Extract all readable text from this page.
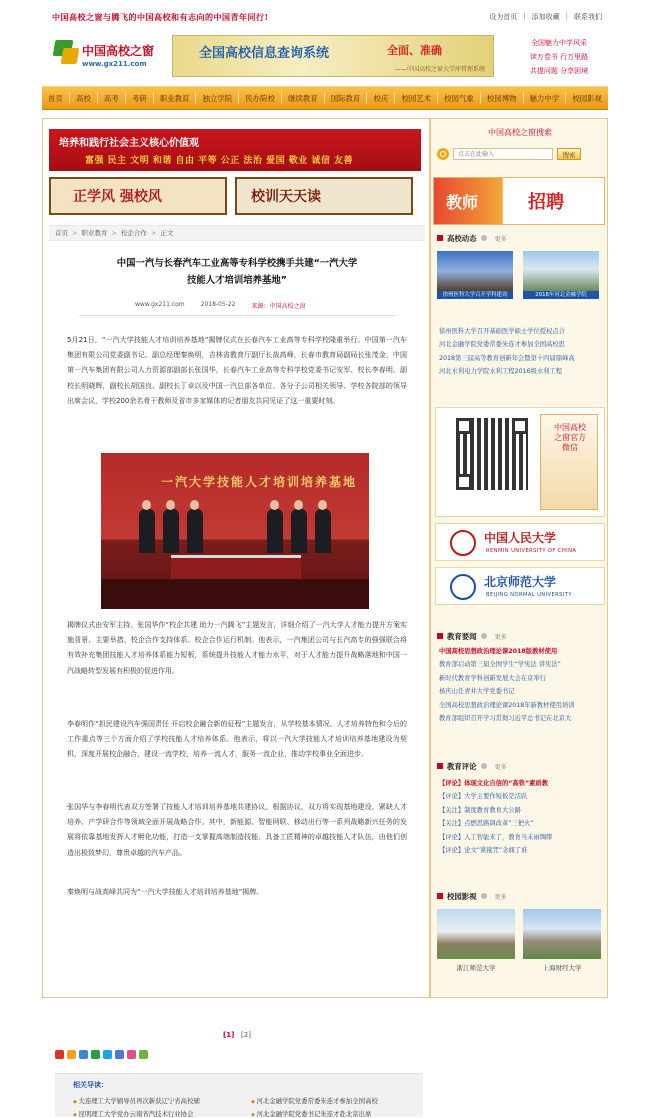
中国高校之窗与腾飞的中国高校和有志向的中国青年同行!	设为首页 | 添加收藏 | 联系我们
中国高校之窗
www.gx211.com
全国高校信息查询系统	全面、准确
——中国高校之窗大学库管理系统
全国魅力中学风采
读万卷书 行万里路
共提问题 分享困境
首页 高校 高考 考研 职业教育 独立学院 民办院校 继续教育 国际教育 校庆 校园艺术 校园气象 校园博物 魅力中学 校园影视
培养和践行社会主义核心价值观
富强 民主 文明 和谐 自由 平等 公正 法治 爱国 敬业 诚信 友善
正学风 强校风	校训天天读
首页 > 职业教育 > 校企合作 > 正文
中国一汽与长春汽车工业高等专科学校携手共建“一汽大学
技能人才培训培养基地”
www.gx211.com	2018-05-22	来源：中国高校之窗
5月21日，“一汽大学技能人才培训培养基地”揭牌仪式在长春汽车工业高等专科学校隆重举行。中国第一汽车集团有限公司党委副书记、副总经理秦焕明，吉林省教育厅副厅长战高峰，长春市教育局副局长张茂金，中国第一汽车集团有限公司人力资源部副部长张国华，长春汽车工业高等专科学校党委书记安军、校长李春明、副校长明晓辉，副校长胡国良、副校长丁卓以及中国一汽总部各单位、各分子公司相关领导、学校各院部的领导出席会议，学校200余名骨干教师及省市多家媒体的记者朋友共同见证了这一重要时刻。
一汽大学技能人才培训培养基地
揭牌仪式由安军主持。张国华作“校企共建 助力一汽腾飞”主题发言，详细介绍了一汽大学人才能力提升方案实施背景、主要举措、校企合作支持体系、校企合作运行机制。他表示，一汽集团公司与长汽高专的强强联合将有效补充集团技能人才培养体系能力短板，系统提升技能人才能力水平，对于人才能力提升战略落地和中国一汽战略转型发展有积极的促进作用。
李春明作“担民建设汽车强国责任 开启校企融合新的征程”主题发言，从学校基本情况、人才培养特色和今后的工作重点等三个方面介绍了学校技能人才培养体系。他表示，将以一汽大学技能人才培训培养基地建设为契机，深度开展校企融合，建设一流学校，培养一流人才，服务一流企业，推动学校事业全面进步。
张国华与李春明代表双方签署了技能人才培训培养基地共建协议。根据协议，双方将实现基地建设、紧缺人才培养、产学研合作等领域全面开展战略合作。其中，新能源、智能网联、移动出行等一系列战略新兴任务的发展将依靠基地发挥人才孵化功能，打造一支掌握高端制造技能、具备工匠精神的卓越技能人才队伍，由他们创造出极致梦幻、尊贵卓越的汽车产品。
秦焕明与战高峰共同为“一汽大学技能人才培训培养基地”揭牌。
[1] [2]
相关导读：
◆ 大连理工大学辅导员再次新获辽宁省高校辅	◆ 河北金融学院党委常委朱连才参加全国高校
◆ 昆明理工大学党办云南省汽技术行业协会	◆ 河北金融学院党委书记朱连才赴北京出席
中国高校之窗搜索
点击在此输入
搜索
教师	招聘
高校动态	更多
徐州医科大学召开学科建设	2018年河北金融学院
徐州医科大学召开基础医学硕士学位授权点合
河北金融学院党委常委朱连才参加全国高校思
2018第三届高等教育创新年会暨第十四届鼎峰高
河北水利电力学院水利工程2016级水利工程
中国高校之窗官方微信
中国人民大学
RENMIN UNIVERSITY OF CHINA
北京师范大学
BEIJING NORMAL UNIVERSITY
教育要闻	更多
中国高校思想政治理论课2018版教材使用
教育部启动第三届全国学生“学宪法 讲宪法”
新时代教育学科创新发展大会在京举行
杨庆山任青井大学党委书记
全国高校思想政治理论课2018年新教材使用培训
教育部组织召开学习贯彻习近平总书记在北京大
教育评论	更多
【评论】体现文化自信的“高铁”素质教
【评论】大学主要作短板是活跃
【关注】制度教育教育大公路
【关注】点燃思路调改革“三把火”
【评论】人工智能来了，教育当未雨绸缪
【评论】论文“紧箍咒”念痛了谁
校园影视	更多
浙江师范大学	上海财经大学
